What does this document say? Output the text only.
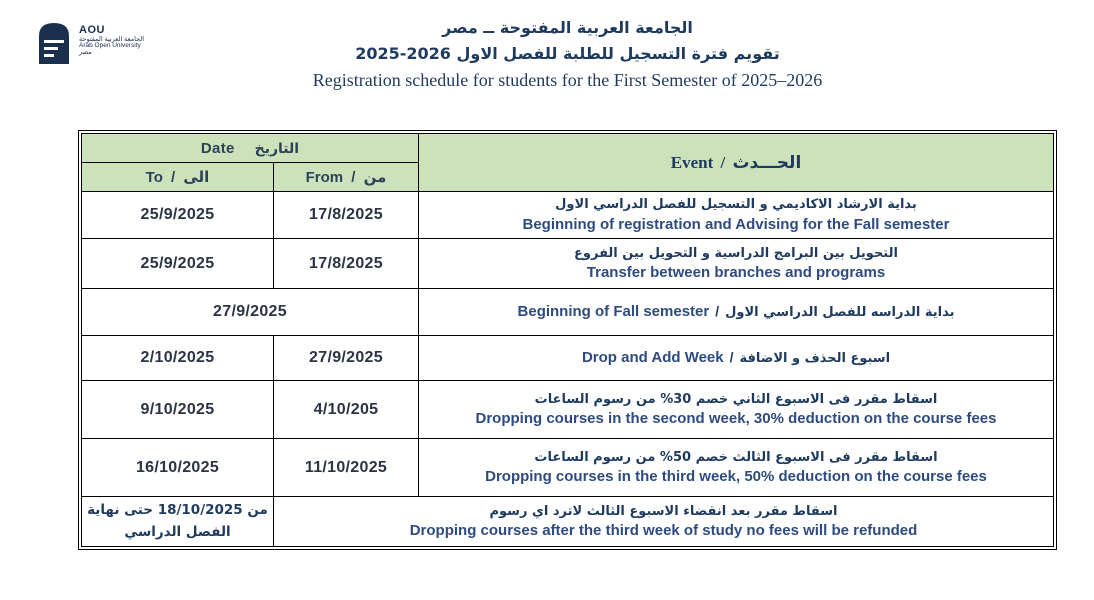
AOU
الجامعة العربية المفتوحة
Arab Open University
مصر
الجامعة العربية المفتوحة ــ مصر
تقويم فترة التسجيل للطلبة للفصل الاول 2026-2025
Registration schedule for students for the First Semester of 2025–2026
Date التاريخ		Event / الحـــدث
To / الى	From / من	
25/9/2025	17/8/2025	بداية الارشاد الاكاديمي و التسجيل للفصل الدراسي الاول
Beginning of registration and Advising for the Fall semester

25/9/2025	17/8/2025	التحويل بين البرامج الدراسية و التحويل بين الفروع
Transfer between branches and programs

27/9/2025		Beginning of Fall semester / بداية الدراسه للفصل الدراسي الاول

2/10/2025	27/9/2025	Drop and Add Week / اسبوع الحذف و الاضافة

9/10/2025	4/10/205	اسقاط مقرر فى الاسبوع الثاني خصم 30% من رسوم الساعات
Dropping courses in the second week, 30% deduction on the course fees

16/10/2025	11/10/2025	اسقاط مقرر فى الاسبوع الثالث خصم 50% من رسوم الساعات
Dropping courses in the third week, 50% deduction on the course fees

من 18/10/2025 حتى نهاية
الفصل الدراسي	اسقاط مقرر بعد انقضاء الاسبوع الثالث لاترد اي رسوم
Dropping courses after the third week of study no fees will be refunded	
